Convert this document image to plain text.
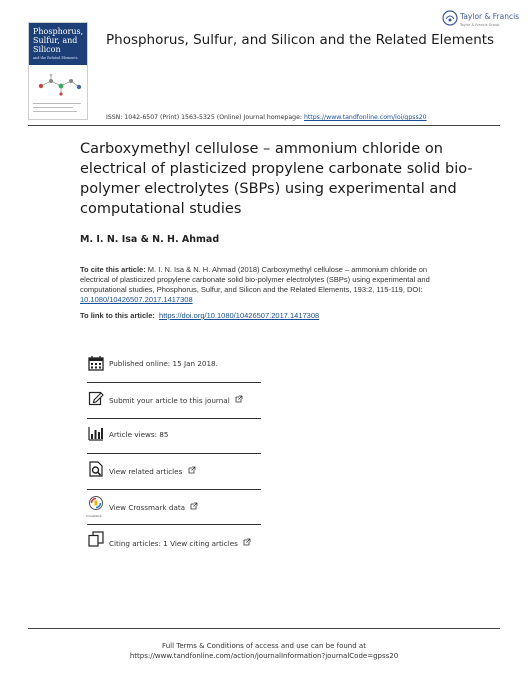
Phosphorus,
Sulfur, and
Silicon
and the Related Elements
Phosphorus, Sulfur, and Silicon and the Related Elements
Taylor & Francis
Taylor & Francis Group
ISSN: 1042-6507 (Print) 1563-5325 (Online) Journal homepage: https://www.tandfonline.com/loi/gpss20
Carboxymethyl cellulose – ammonium chloride on electrical of plasticized propylene carbonate solid bio-polymer electrolytes (SBPs) using experimental and computational studies
M. I. N. Isa & N. H. Ahmad
To cite this article: M. I. N. Isa & N. H. Ahmad (2018) Carboxymethyl cellulose – ammonium chloride on electrical of plasticized propylene carbonate solid bio-polymer electrolytes (SBPs) using experimental and computational studies, Phosphorus, Sulfur, and Silicon and the Related Elements, 193:2, 115-119, DOI: 10.1080/10426507.2017.1417308
To link to this article: https://doi.org/10.1080/10426507.2017.1417308
Published online: 15 Jan 2018.
Submit your article to this journal
Article views: 85
View related articles
CrossMark
View Crossmark data
Citing articles: 1 View citing articles
Full Terms & Conditions of access and use can be found at
https://www.tandfonline.com/action/journalInformation?journalCode=gpss20
